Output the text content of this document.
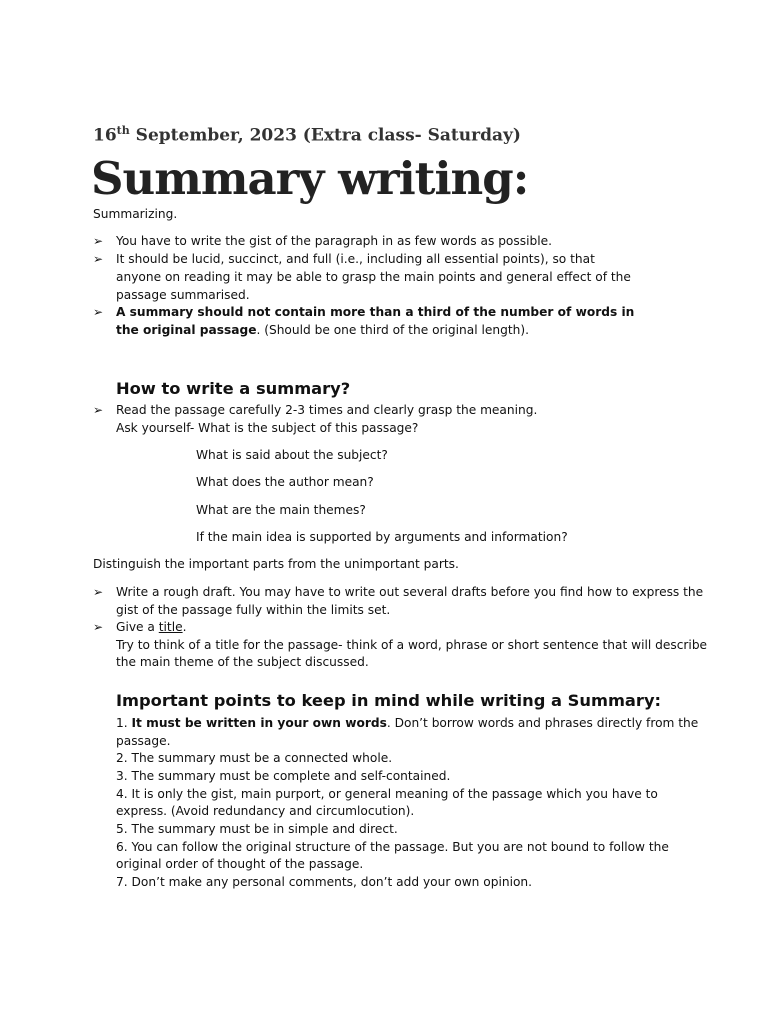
16th September, 2023 (Extra class- Saturday)
Summary writing:
Summarizing.
➢ You have to write the gist of the paragraph in as few words as possible.
➢ It should be lucid, succinct, and full (i.e., including all essential points), so that
anyone on reading it may be able to grasp the main points and general effect of the
passage summarised.
➢ A summary should not contain more than a third of the number of words in
the original passage. (Should be one third of the original length).
How to write a summary?
➢ Read the passage carefully 2-3 times and clearly grasp the meaning.
Ask yourself- What is the subject of this passage?
What is said about the subject?
What does the author mean?
What are the main themes?
If the main idea is supported by arguments and information?
Distinguish the important parts from the unimportant parts.
➢ Write a rough draft. You may have to write out several drafts before you find how to express the
gist of the passage fully within the limits set.
➢ Give a title.
Try to think of a title for the passage- think of a word, phrase or short sentence that will describe
the main theme of the subject discussed.
Important points to keep in mind while writing a Summary:
1. It must be written in your own words. Don’t borrow words and phrases directly from the
passage.
2. The summary must be a connected whole.
3. The summary must be complete and self-contained.
4. It is only the gist, main purport, or general meaning of the passage which you have to
express. (Avoid redundancy and circumlocution).
5. The summary must be in simple and direct.
6. You can follow the original structure of the passage. But you are not bound to follow the
original order of thought of the passage.
7. Don’t make any personal comments, don’t add your own opinion.
